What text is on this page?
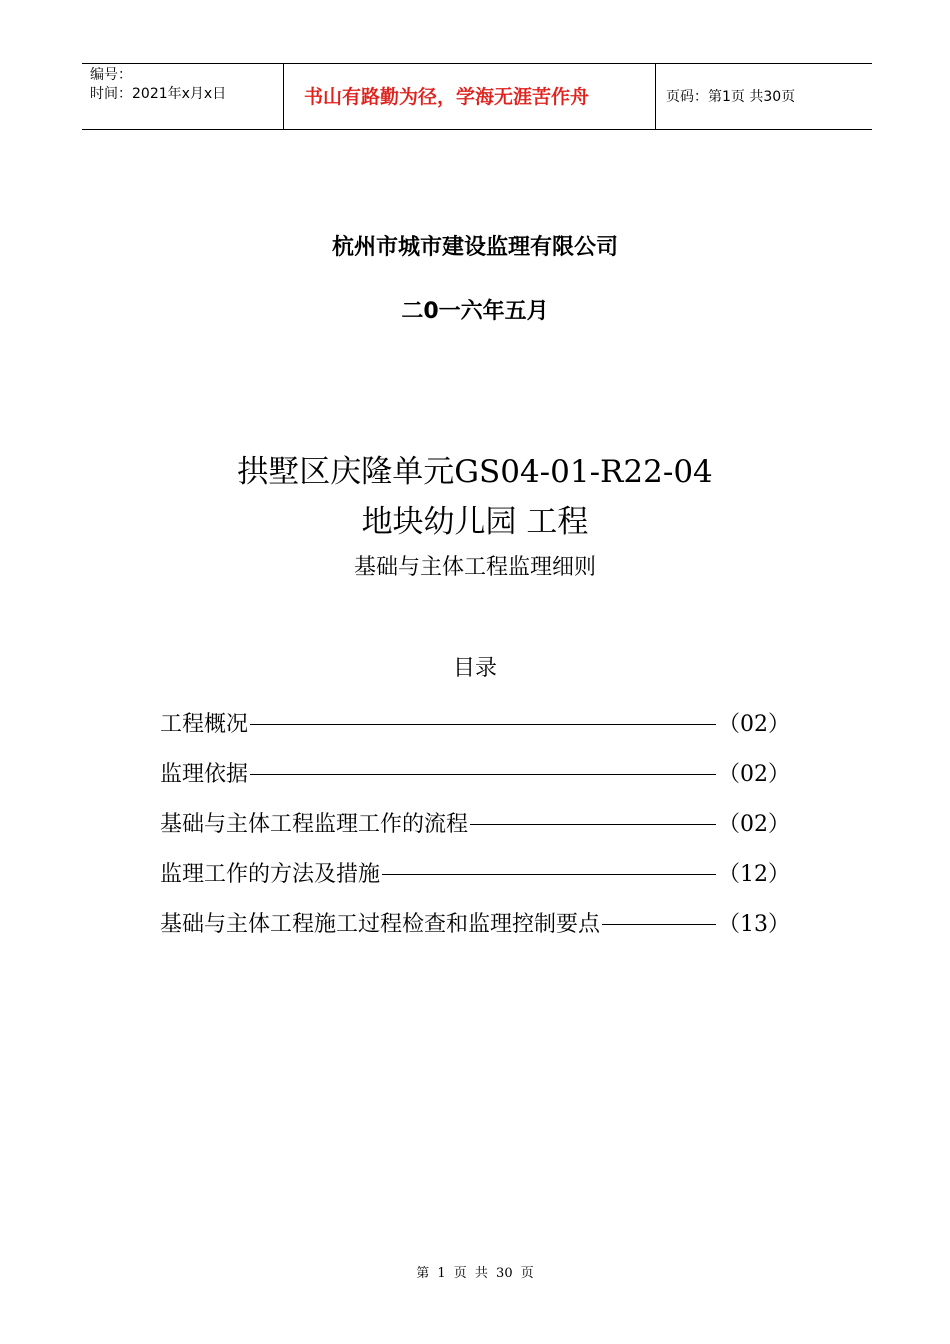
编号：
时间：2021年x月x日	书山有路勤为径，学海无涯苦作舟	页码：第1页 共30页
杭州市城市建设监理有限公司
二0一六年五月
拱墅区庆隆单元GS04-01-R22-04
地块幼儿园 工程
基础与主体工程监理细则
目录
工程概况	（02）
监理依据	（02）
基础与主体工程监理工作的流程	（02）
监理工作的方法及措施	（12）
基础与主体工程施工过程检查和监理控制要点	（13）
第 1 页 共 30 页
